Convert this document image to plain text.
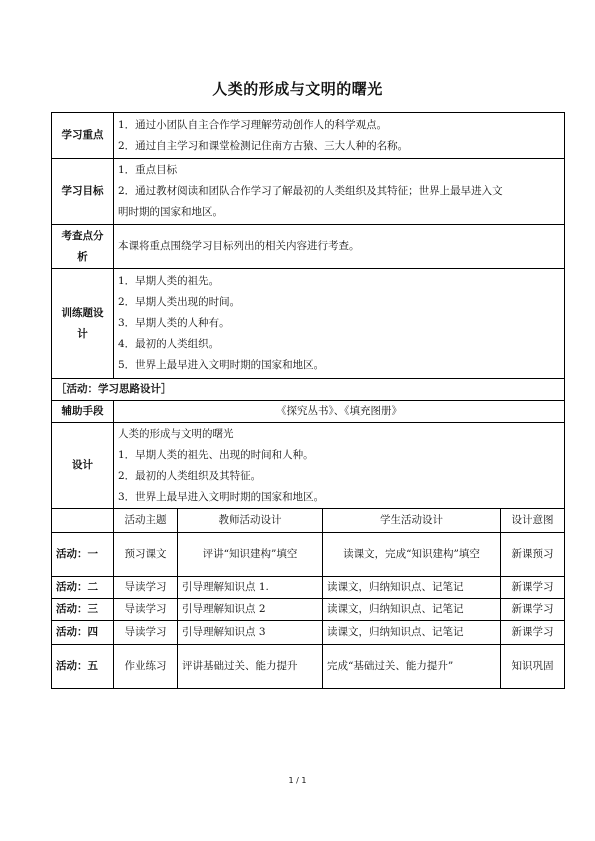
人类的形成与文明的曙光
学习重点	1．通过小团队自主合作学习理解劳动创作人的科学观点。
2．通过自主学习和课堂检测记住南方古猿、三大人种的名称。			

学习目标	1．重点目标
2．通过教材阅读和团队合作学习了解最初的人类组织及其特征；世界上最早进入文
明时期的国家和地区。			

考查点分
析	本课将重点围绕学习目标列出的相关内容进行考查。			

训练题设
计	1．早期人类的祖先。
2．早期人类出现的时间。
3．早期人类的人种有。
4．最初的人类组织。
5．世界上最早进入文明时期的国家和地区。			

［活动：学习思路设计］				
辅助手段	《探究丛书》、《填充图册》			
设计	人类的形成与文明的曙光
1．早期人类的祖先、出现的时间和人种。
2．最初的人类组织及其特征。
3．世界上最早进入文明时期的国家和地区。			

	活动主题	教师活动设计	学生活动设计	设计意图
活动：一	预习课文	评讲“知识建构”填空	读课文，完成“知识建构”填空	新课预习
活动：二	导读学习	引导理解知识点 1.	读课文，归纳知识点、记笔记	新课学习
活动：三	导读学习	引导理解知识点 2	读课文，归纳知识点、记笔记	新课学习
活动：四	导读学习	引导理解知识点 3	读课文，归纳知识点、记笔记	新课学习
活动：五	作业练习	评讲基础过关、能力提升	完成“基础过关、能力提升”	知识巩固
1 / 1
